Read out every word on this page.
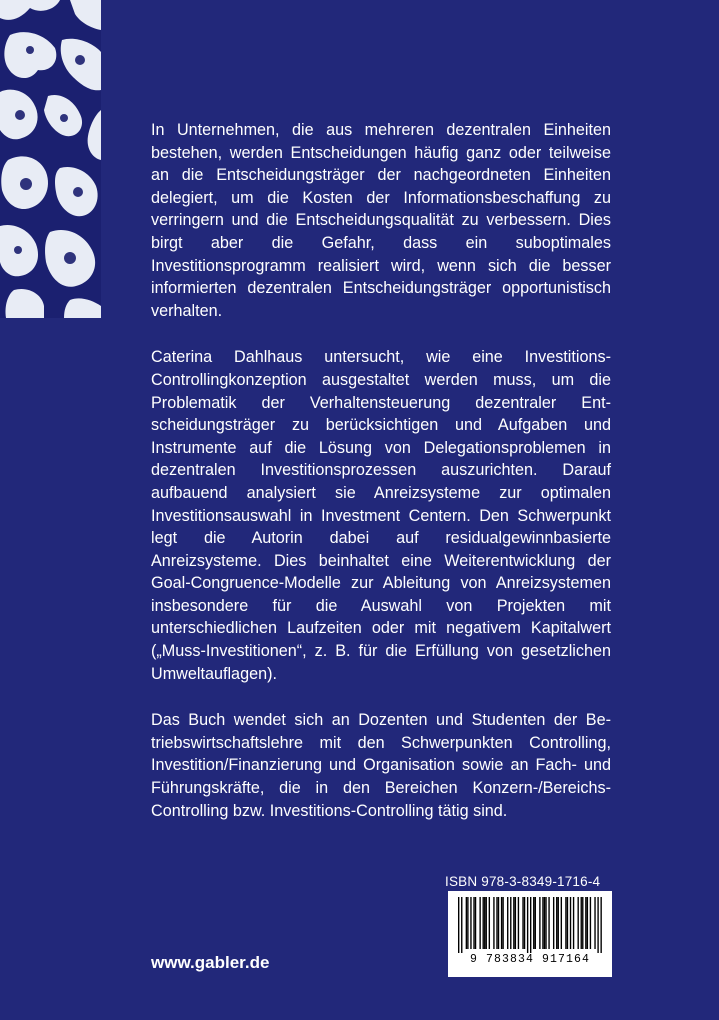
In Unternehmen, die aus mehreren dezentralen Einheiten bestehen, werden Entscheidungen häufig ganz oder teilweise an die Entscheidungsträger der nachgeordneten Einheiten delegiert, um die Kosten der Informationsbeschaffung zu verringern und die Entscheidungsqualität zu verbessern. Dies birgt aber die Gefahr, dass ein suboptimales Investitionsprogramm realisiert wird, wenn sich die besser informierten dezentralen Entscheidungsträger opportunistisch verhalten.

Caterina Dahlhaus untersucht, wie eine Investitions-Controllingkonzeption ausgestaltet werden muss, um die Problematik der Verhaltensteuerung dezentraler Entscheidungsträger zu berücksichtigen und Aufgaben und Instrumente auf die Lösung von Delegationsproblemen in dezentralen Investitionsprozessen auszurichten. Darauf aufbauend analysiert sie Anreizsysteme zur optimalen Investitionsauswahl in Investment Centern. Den Schwerpunkt legt die Autorin dabei auf residualgewinnbasierte Anreizsysteme. Dies beinhaltet eine Weiterentwicklung der Goal-Congruence-Modelle zur Ableitung von Anreizsystemen insbesondere für die Auswahl von Projekten mit unterschiedlichen Laufzeiten oder mit negativem Kapitalwert („Muss-Investitionen“, z. B. für die Erfüllung von gesetzlichen Umweltauflagen).

Das Buch wendet sich an Dozenten und Studenten der Betriebswirtschaftslehre mit den Schwerpunkten Controlling, Investition/Finanzierung und Organisation sowie an Fach- und Führungskräfte, die in den Bereichen Konzern-/Bereichs-Controlling bzw. Investitions-Controlling tätig sind.

ISBN 978-3-8349-1716-4
9 783834 917164
www.gabler.de
